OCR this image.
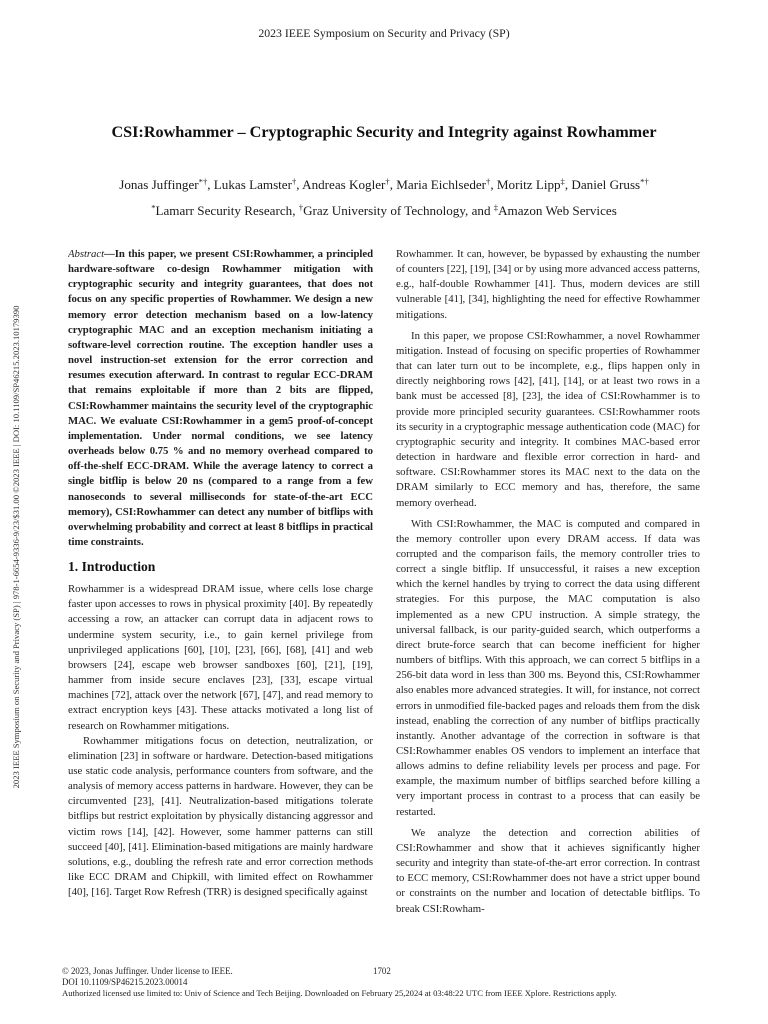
2023 IEEE Symposium on Security and Privacy (SP)
CSI:Rowhammer – Cryptographic Security and Integrity against Rowhammer
Jonas Juffinger*†, Lukas Lamster†, Andreas Kogler†, Maria Eichlseder†, Moritz Lipp‡, Daniel Gruss*†
*Lamarr Security Research, †Graz University of Technology, and ‡Amazon Web Services
2023 IEEE Symposium on Security and Privacy (SP) | 978-1-6654-9336-9/23/$31.00 ©2023 IEEE | DOI: 10.1109/SP46215.2023.10179390

Abstract—In this paper, we present CSI:Rowhammer, a principled hardware-software co-design Rowhammer mitigation with cryptographic security and integrity guarantees, that does not focus on any specific properties of Rowhammer. We design a new memory error detection mechanism based on a low-latency cryptographic MAC and an exception mechanism initiating a software-level correction routine. The exception handler uses a novel instruction-set extension for the error correction and resumes execution afterward. In contrast to regular ECC-DRAM that remains exploitable if more than 2 bits are flipped, CSI:Rowhammer maintains the security level of the cryptographic MAC. We evaluate CSI:Rowhammer in a gem5 proof-of-concept implementation. Under normal conditions, we see latency overheads below 0.75 % and no memory overhead compared to off-the-shelf ECC-DRAM. While the average latency to correct a single bitflip is below 20 ns (compared to a range from a few nanoseconds to several milliseconds for state-of-the-art ECC memory), CSI:Rowhammer can detect any number of bitflips with overwhelming probability and correct at least 8 bitflips in practical time constraints.

1. Introduction

Rowhammer is a widespread DRAM issue, where cells lose charge faster upon accesses to rows in physical proximity [40]. By repeatedly accessing a row, an attacker can corrupt data in adjacent rows to undermine system security, i.e., to gain kernel privilege from unprivileged applications [60], [10], [23], [66], [68], [41] and web browsers [24], escape web browser sandboxes [60], [21], [19], hammer from inside secure enclaves [23], [33], escape virtual machines [72], attack over the network [67], [47], and read memory to extract encryption keys [43]. These attacks motivated a long list of research on Rowhammer mitigations.

Rowhammer mitigations focus on detection, neutralization, or elimination [23] in software or hardware. Detection-based mitigations use static code analysis, performance counters from software, and the analysis of memory access patterns in hardware. However, they can be circumvented [23], [41]. Neutralization-based mitigations tolerate bitflips but restrict exploitation by physically distancing aggressor and victim rows [14], [42]. However, some hammer patterns can still succeed [40], [41]. Elimination-based mitigations are mainly hardware solutions, e.g., doubling the refresh rate and error correction methods like ECC DRAM and Chipkill, with limited effect on Rowhammer [40], [16]. Target Row Refresh (TRR) is designed specifically against

Rowhammer. It can, however, be bypassed by exhausting the number of counters [22], [19], [34] or by using more advanced access patterns, e.g., half-double Rowhammer [41]. Thus, modern devices are still vulnerable [41], [34], highlighting the need for effective Rowhammer mitigations.

In this paper, we propose CSI:Rowhammer, a novel Rowhammer mitigation. Instead of focusing on specific properties of Rowhammer that can later turn out to be incomplete, e.g., flips happen only in directly neighboring rows [42], [41], [14], or at least two rows in a bank must be accessed [8], [23], the idea of CSI:Rowhammer is to provide more principled security guarantees. CSI:Rowhammer roots its security in a cryptographic message authentication code (MAC) for cryptographic security and integrity. It combines MAC-based error detection in hardware and flexible error correction in hard- and software. CSI:Rowhammer stores its MAC next to the data on the DRAM similarly to ECC memory and has, therefore, the same memory overhead.

With CSI:Rowhammer, the MAC is computed and compared in the memory controller upon every DRAM access. If data was corrupted and the comparison fails, the memory controller tries to correct a single bitflip. If unsuccessful, it raises a new exception which the kernel handles by trying to correct the data using different strategies. For this purpose, the MAC computation is also implemented as a new CPU instruction. A simple strategy, the universal fallback, is our parity-guided search, which outperforms a direct brute-force search that can become inefficient for higher numbers of bitflips. With this approach, we can correct 5 bitflips in a 256-bit data word in less than 300 ms. Beyond this, CSI:Rowhammer also enables more advanced strategies. It will, for instance, not correct errors in unmodified file-backed pages and reloads them from the disk instead, enabling the correction of any number of bitflips practically instantly. Another advantage of the correction in software is that CSI:Rowhammer enables OS vendors to implement an interface that allows admins to define reliability levels per process and page. For example, the maximum number of bitflips searched before killing a very important process in contrast to a process that can easily be restarted.

We analyze the detection and correction abilities of CSI:Rowhammer and show that it achieves significantly higher security and integrity than state-of-the-art error correction. In contrast to ECC memory, CSI:Rowhammer does not have a strict upper bound or constraints on the number and location of detectable bitflips. To break CSI:Rowham-

© 2023, Jonas Juffinger. Under license to IEEE.
DOI 10.1109/SP46215.2023.00014
1702
Authorized licensed use limited to: Univ of Science and Tech Beijing. Downloaded on February 25,2024 at 03:48:22 UTC from IEEE Xplore. Restrictions apply.
